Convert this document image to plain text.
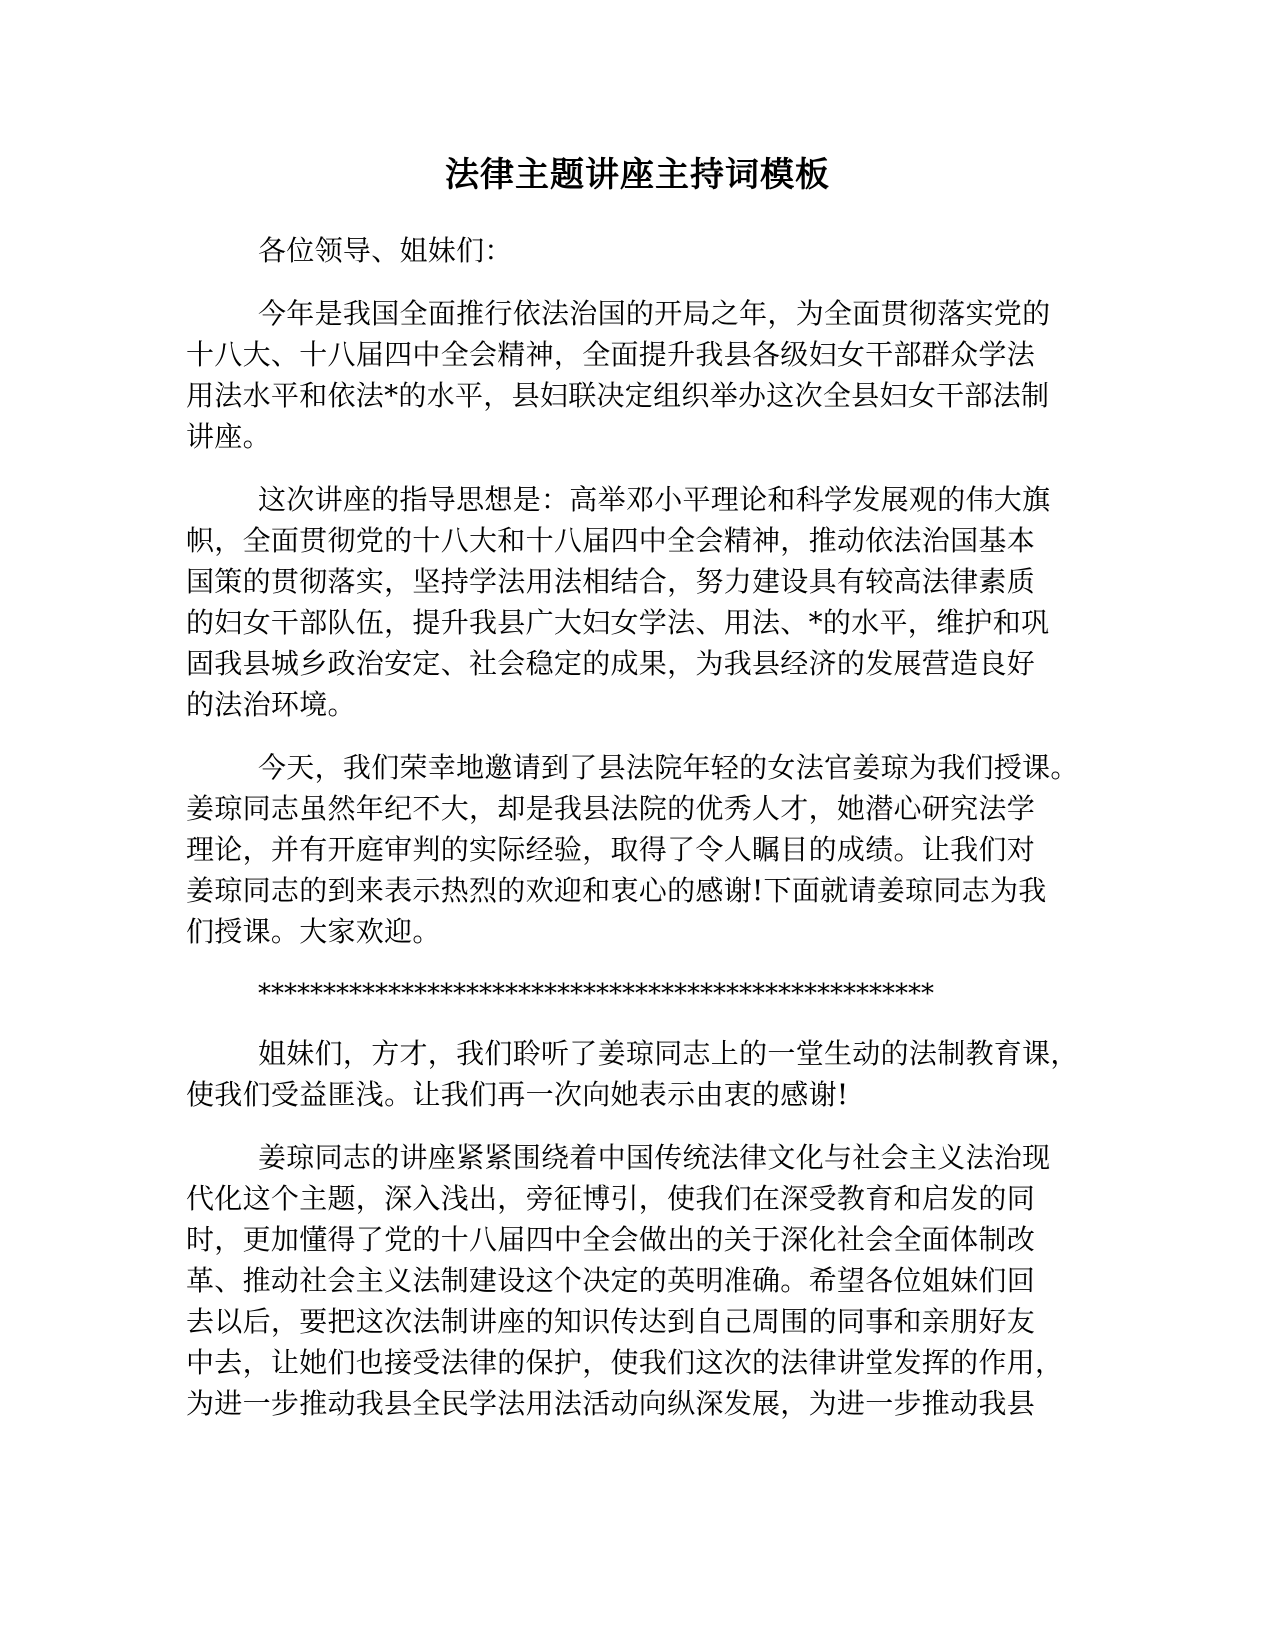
法律主题讲座主持词模板

各位领导、姐妹们：

今年是我国全面推行依法治国的开局之年，为全面贯彻落实党的
十八大、十八届四中全会精神，全面提升我县各级妇女干部群众学法
用法水平和依法*的水平，县妇联决定组织举办这次全县妇女干部法制
讲座。

这次讲座的指导思想是：高举邓小平理论和科学发展观的伟大旗
帜，全面贯彻党的十八大和十八届四中全会精神，推动依法治国基本
国策的贯彻落实，坚持学法用法相结合，努力建设具有较高法律素质
的妇女干部队伍，提升我县广大妇女学法、用法、*的水平，维护和巩
固我县城乡政治安定、社会稳定的成果，为我县经济的发展营造良好
的法治环境。

今天，我们荣幸地邀请到了县法院年轻的女法官姜琼为我们授课。
姜琼同志虽然年纪不大，却是我县法院的优秀人才，她潜心研究法学
理论，并有开庭审判的实际经验，取得了令人瞩目的成绩。让我们对
姜琼同志的到来表示热烈的欢迎和衷心的感谢!下面就请姜琼同志为我
们授课。大家欢迎。

****************************************************

姐妹们，方才，我们聆听了姜琼同志上的一堂生动的法制教育课，
使我们受益匪浅。让我们再一次向她表示由衷的感谢!

姜琼同志的讲座紧紧围绕着中国传统法律文化与社会主义法治现
代化这个主题，深入浅出，旁征博引，使我们在深受教育和启发的同
时，更加懂得了党的十八届四中全会做出的关于深化社会全面体制改
革、推动社会主义法制建设这个决定的英明准确。希望各位姐妹们回
去以后，要把这次法制讲座的知识传达到自己周围的同事和亲朋好友
中去，让她们也接受法律的保护，使我们这次的法律讲堂发挥的作用，
为进一步推动我县全民学法用法活动向纵深发展，为进一步推动我县
